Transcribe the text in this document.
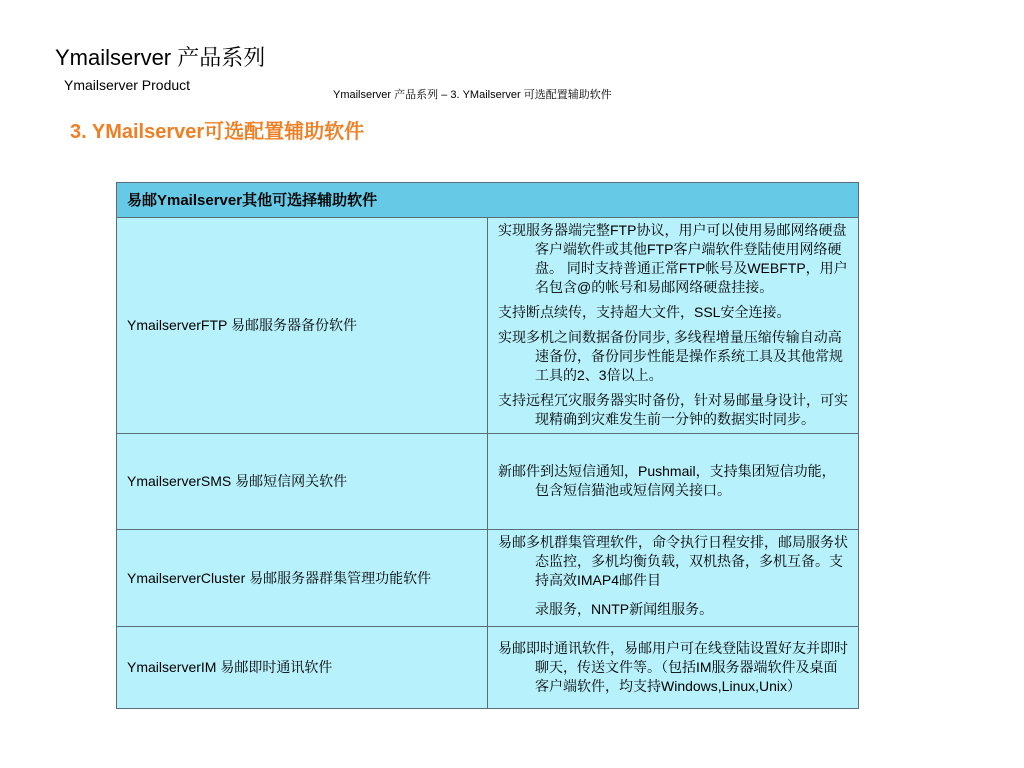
Ymailserver 产品系列
Ymailserver Product
Ymailserver 产品系列 – 3. YMailserver 可选配置辅助软件
3. YMailserver可选配置辅助软件
易邮Ymailserver其他可选择辅助软件	

YmailserverFTP 易邮服务器备份软件	实现服务器端完整FTP协议，用户可以使用易邮网络硬盘客户端软件或其他FTP客户端软件登陆使用网络硬盘。 同时支持普通正常FTP帐号及WEBFTP，用户名包含@的帐号和易邮网络硬盘挂接。

支持断点续传，支持超大文件，SSL安全连接。

实现多机之间数据备份同步, 多线程增量压缩传输自动高速备份，备份同步性能是操作系统工具及其他常规工具的2、3倍以上。

支持远程冗灾服务器实时备份，针对易邮量身设计，可实现精确到灾难发生前一分钟的数据实时同步。

YmailserverSMS 易邮短信网关软件	新邮件到达短信通知，Pushmail，支持集团短信功能，包含短信猫池或短信网关接口。

YmailserverCluster 易邮服务器群集管理功能软件	易邮多机群集管理软件，命令执行日程安排，邮局服务状态监控，多机均衡负载，双机热备，多机互备。支持高效IMAP4邮件目

录服务，NNTP新闻组服务。

YmailserverIM 易邮即时通讯软件	易邮即时通讯软件，易邮用户可在线登陆设置好友并即时聊天，传送文件等。（包括IM服务器端软件及桌面客户端软件，均支持Windows,Linux,Unix）
